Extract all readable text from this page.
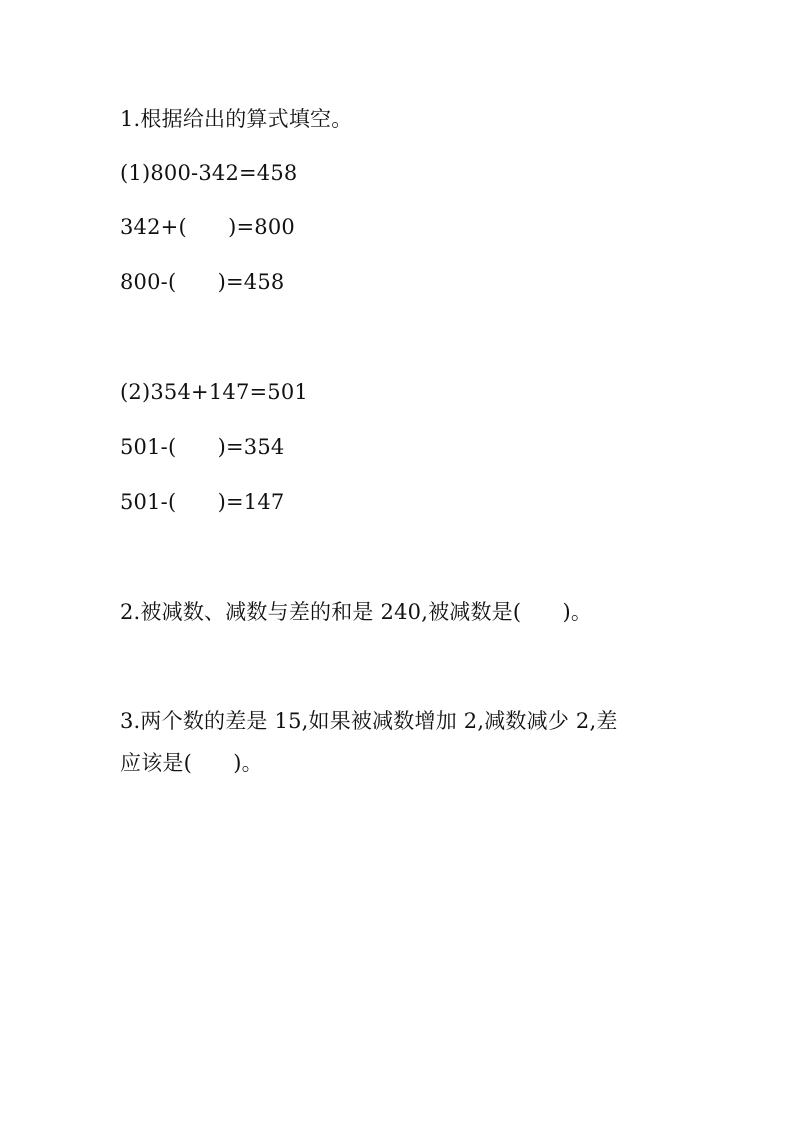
1.根据给出的算式填空。
(1)800-342=458
342+(      )=800
800-(      )=458
(2)354+147=501
501-(      )=354
501-(      )=147
2.被减数、减数与差的和是 240,被减数是(      )。
3.两个数的差是 15,如果被减数增加 2,减数减少 2,差
应该是(      )。
